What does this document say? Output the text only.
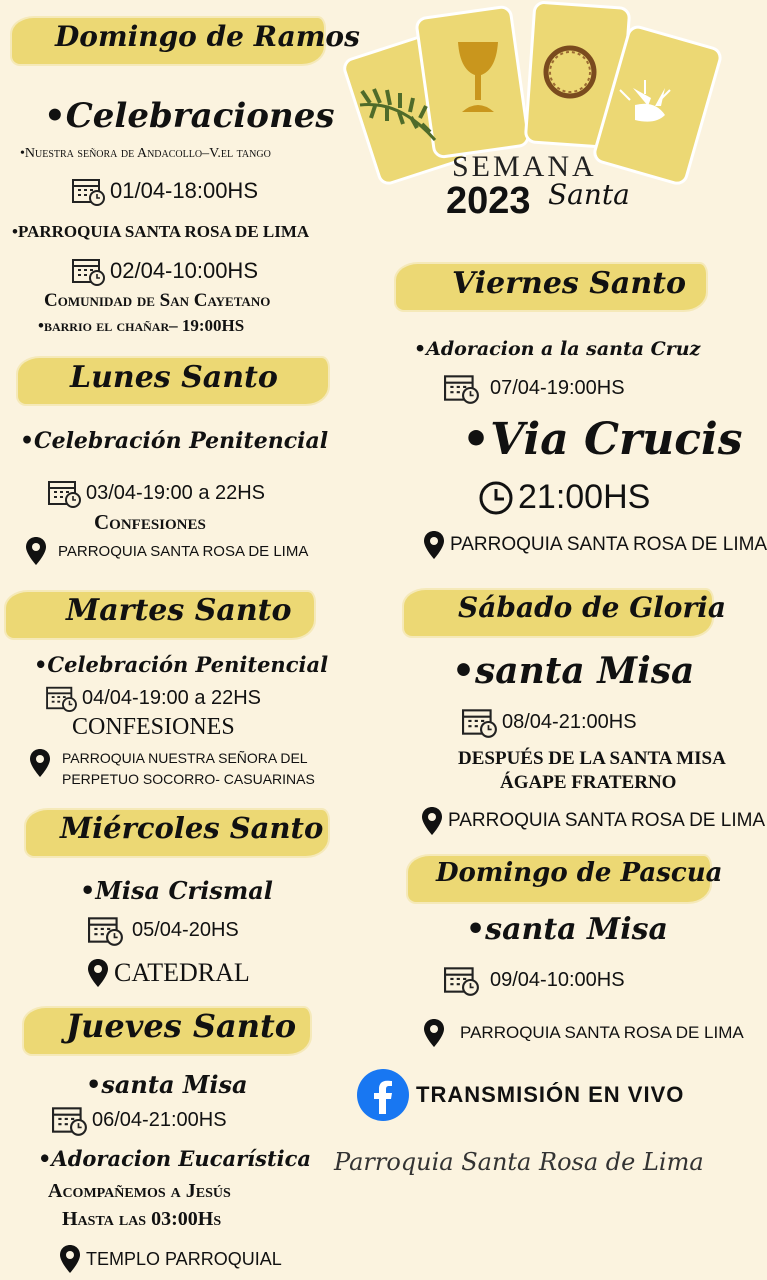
SEMANA
2023 Santa
Domingo de Ramos
•Celebraciones
•Nuestra señora de Andacollo–V.el tango
01/04-18:00HS
•PARROQUIA SANTA ROSA DE LIMA
02/04-10:00HS
Comunidad de San Cayetano
•barrio el chañar– 19:00HS
Lunes Santo
•Celebración Penitencial
03/04-19:00 a 22HS
Confesiones
PARROQUIA SANTA ROSA DE LIMA
Martes Santo
•Celebración Penitencial
04/04-19:00 a 22HS
CONFESIONES
PARROQUIA NUESTRA SEÑORA DEL
PERPETUO SOCORRO- CASUARINAS
Miércoles Santo
•Misa Crismal
05/04-20HS
CATEDRAL
Jueves Santo
•santa Misa
06/04-21:00HS
•Adoracion Eucarística
Acompañemos a Jesús
Hasta las 03:00Hs
TEMPLO PARROQUIAL
Viernes Santo
•Adoracion a la santa Cruz
07/04-19:00HS
•Via Crucis
21:00HS
PARROQUIA SANTA ROSA DE LIMA
Sábado de Gloria
•santa Misa
08/04-21:00HS
DESPUÉS DE LA SANTA MISA
ÁGAPE FRATERNO
PARROQUIA SANTA ROSA DE LIMA
Domingo de Pascua
•santa Misa
09/04-10:00HS
PARROQUIA SANTA ROSA DE LIMA
TRANSMISIÓN EN VIVO
Parroquia Santa Rosa de Lima
